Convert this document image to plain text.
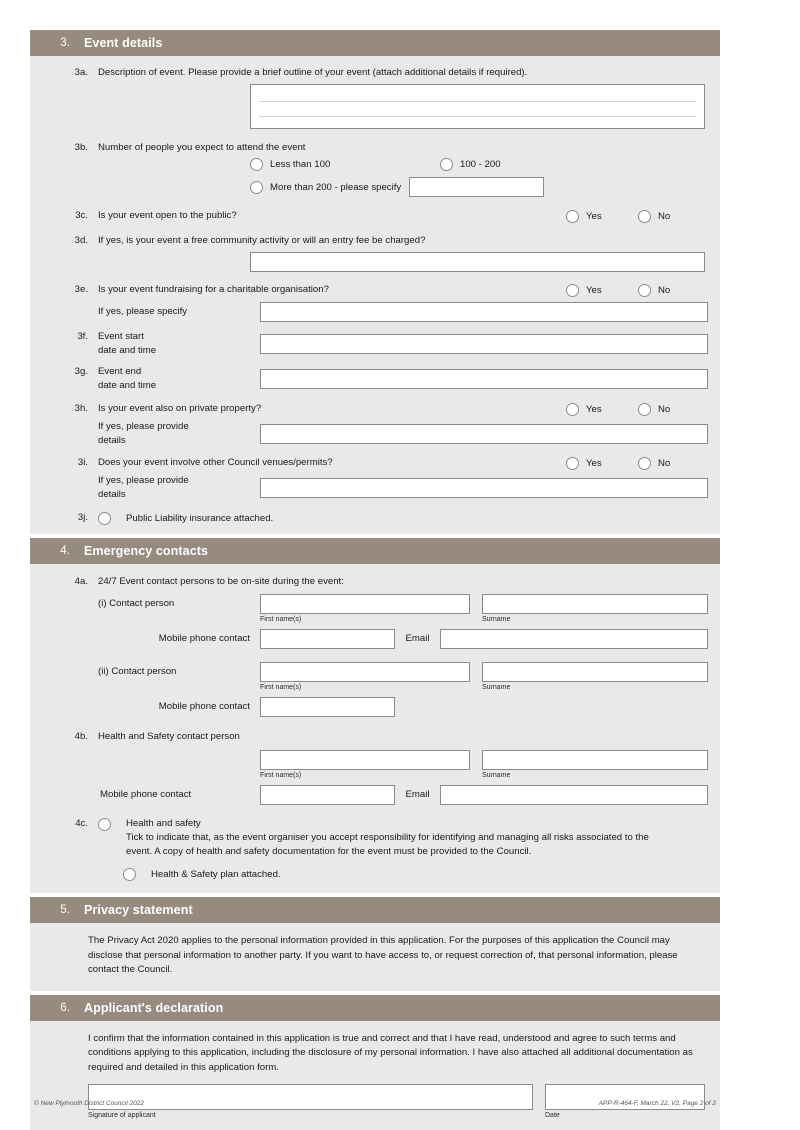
3.	Event details
3a.	Description of event. Please provide a brief outline of your event (attach additional details if required).
3b.	Number of people you expect to attend the event
Less than 100	100 - 200
More than 200 - please specify
3c.	Is your event open to the public?	Yes	No
3d.	If yes, is your event a free community activity or will an entry fee be charged?
3e.	Is your event fundraising for a charitable organisation?	Yes	No
If yes, please specify
3f.	Event start
date and time
3g.	Event end
date and time
3h.	Is your event also on private property?	Yes	No
If yes, please provide
details
3i.	Does your event involve other Council venues/permits?	Yes	No
If yes, please provide
details
3j.	Public Liability insurance attached.
4.	Emergency contacts
4a.	24/7 Event contact persons to be on-site during the event:
(i) Contact person
First name(s)	Surname
Mobile phone contact	Email
(ii) Contact person
First name(s)	Surname
Mobile phone contact
4b.	Health and Safety contact person
First name(s)	Surname
Mobile phone contact	Email
4c.	Health and safety
Tick to indicate that, as the event organiser you accept responsibility for identifying and managing all risks associated to the event. A copy of health and safety documentation for the event must be provided to the Council.
Health & Safety plan attached.
5.	Privacy statement
The Privacy Act 2020 applies to the personal information provided in this application. For the purposes of this application the Council may disclose that personal information to another party. If you want to have access to, or request correction of, that personal information, please contact the Council.
6.	Applicant's declaration
I confirm that the information contained in this application is true and correct and that I have read, understood and agree to such terms and conditions applying to this application, including the disclosure of my personal information. I have also attached all additional documentation as required and detailed in this application form.
Signature of applicant	Date
© New Plymouth District Council 2022	APP-R-464-F, March 22, V2, Page 2 of 2
